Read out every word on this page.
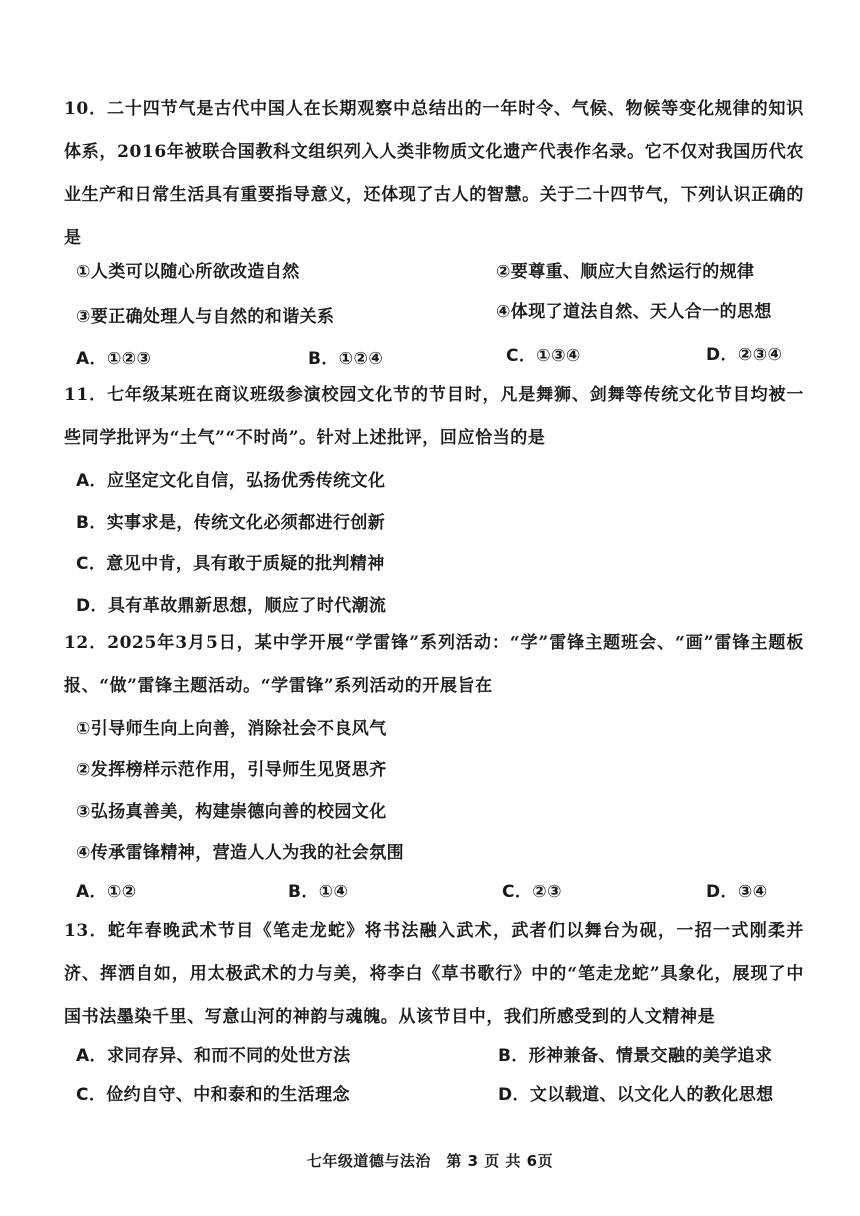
10．二十四节气是古代中国人在长期观察中总结出的一年时令、气候、物候等变化规律的知识体系，2016年被联合国教科文组织列入人类非物质文化遗产代表作名录。它不仅对我国历代农业生产和日常生活具有重要指导意义，还体现了古人的智慧。关于二十四节气，下列认识正确的是
①人类可以随心所欲改造自然	②要尊重、顺应大自然运行的规律
③要正确处理人与自然的和谐关系	④体现了道法自然、天人合一的思想
A．①②③	B．①②④	C．①③④	D．②③④
11．七年级某班在商议班级参演校园文化节的节目时，凡是舞狮、剑舞等传统文化节目均被一些同学批评为“土气”“不时尚”。针对上述批评，回应恰当的是
A．应坚定文化自信，弘扬优秀传统文化
B．实事求是，传统文化必须都进行创新
C．意见中肯，具有敢于质疑的批判精神
D．具有革故鼎新思想，顺应了时代潮流
12．2025年3月5日，某中学开展“学雷锋”系列活动：“学”雷锋主题班会、“画”雷锋主题板报、“做”雷锋主题活动。“学雷锋”系列活动的开展旨在
①引导师生向上向善，消除社会不良风气
②发挥榜样示范作用，引导师生见贤思齐
③弘扬真善美，构建崇德向善的校园文化
④传承雷锋精神，营造人人为我的社会氛围
A．①②	B．①④	C．②③	D．③④
13．蛇年春晚武术节目《笔走龙蛇》将书法融入武术，武者们以舞台为砚，一招一式刚柔并济、挥洒自如，用太极武术的力与美，将李白《草书歌行》中的“笔走龙蛇”具象化，展现了中国书法墨染千里、写意山河的神韵与魂魄。从该节目中，我们所感受到的人文精神是
A．求同存异、和而不同的处世方法	B．形神兼备、情景交融的美学追求
C．俭约自守、中和泰和的生活理念	D．文以载道、以文化人的教化思想
七年级道德与法治　第 3 页 共 6页
